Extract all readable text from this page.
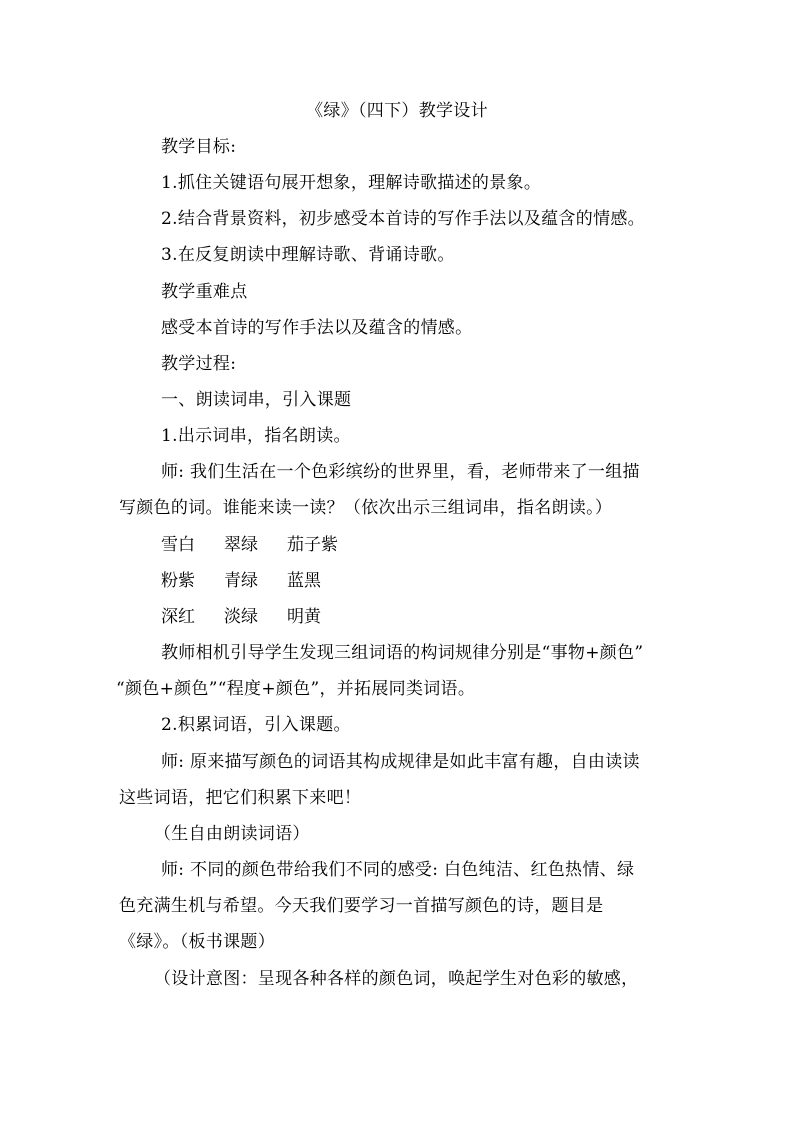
《绿》（四下）教学设计
教学目标:
1.抓住关键语句展开想象，理解诗歌描述的景象。
2.结合背景资料，初步感受本首诗的写作手法以及蕴含的情感。
3.在反复朗读中理解诗歌、背诵诗歌。
教学重难点
感受本首诗的写作手法以及蕴含的情感。
教学过程:
一、朗读词串，引入课题
1.出示词串，指名朗读。
师: 我们生活在一个色彩缤纷的世界里，看，老师带来了一组描
写颜色的词。谁能来读一读？（依次出示三组词串，指名朗读。）
雪白 翠绿 茄子紫
粉紫 青绿 蓝黑
深红 淡绿 明黄
教师相机引导学生发现三组词语的构词规律分别是“事物+颜色”
“颜色+颜色”“程度+颜色”，并拓展同类词语。
2.积累词语，引入课题。
师: 原来描写颜色的词语其构成规律是如此丰富有趣，自由读读
这些词语，把它们积累下来吧！
（生自由朗读词语）
师: 不同的颜色带给我们不同的感受: 白色纯洁、红色热情、绿
色充满生机与希望。今天我们要学习一首描写颜色的诗，题目是
《绿》。（板书课题）
（设计意图：呈现各种各样的颜色词，唤起学生对色彩的敏感，
